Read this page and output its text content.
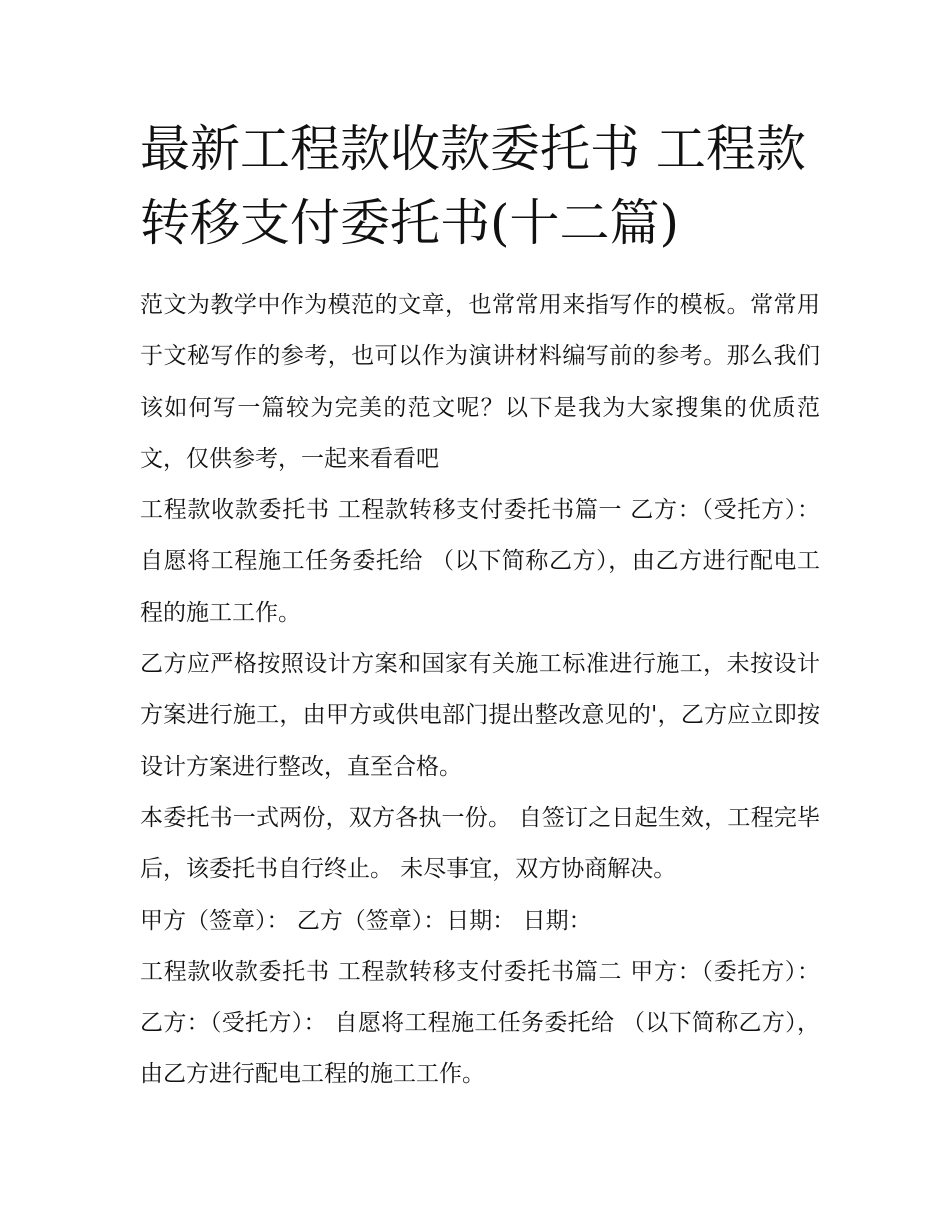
最新工程款收款委托书 工程款转移支付委托书(十二篇)

范文为教学中作为模范的文章，也常常用来指写作的模板。常常用于文秘写作的参考，也可以作为演讲材料编写前的参考。那么我们该如何写一篇较为完美的范文呢？以下是我为大家搜集的优质范文，仅供参考，一起来看看吧

工程款收款委托书 工程款转移支付委托书篇一 乙方：（受托方）： 自愿将工程施工任务委托给 （以下简称乙方），由乙方进行配电工程的施工工作。

乙方应严格按照设计方案和国家有关施工标准进行施工，未按设计方案进行施工，由甲方或供电部门提出整改意见的'，乙方应立即按设计方案进行整改，直至合格。

本委托书一式两份，双方各执一份。 自签订之日起生效，工程完毕后，该委托书自行终止。 未尽事宜，双方协商解决。

甲方（签章）： 乙方（签章）：日期： 日期：

工程款收款委托书 工程款转移支付委托书篇二 甲方：（委托方）： 乙方：（受托方）： 自愿将工程施工任务委托给 （以下简称乙方），由乙方进行配电工程的施工工作。
